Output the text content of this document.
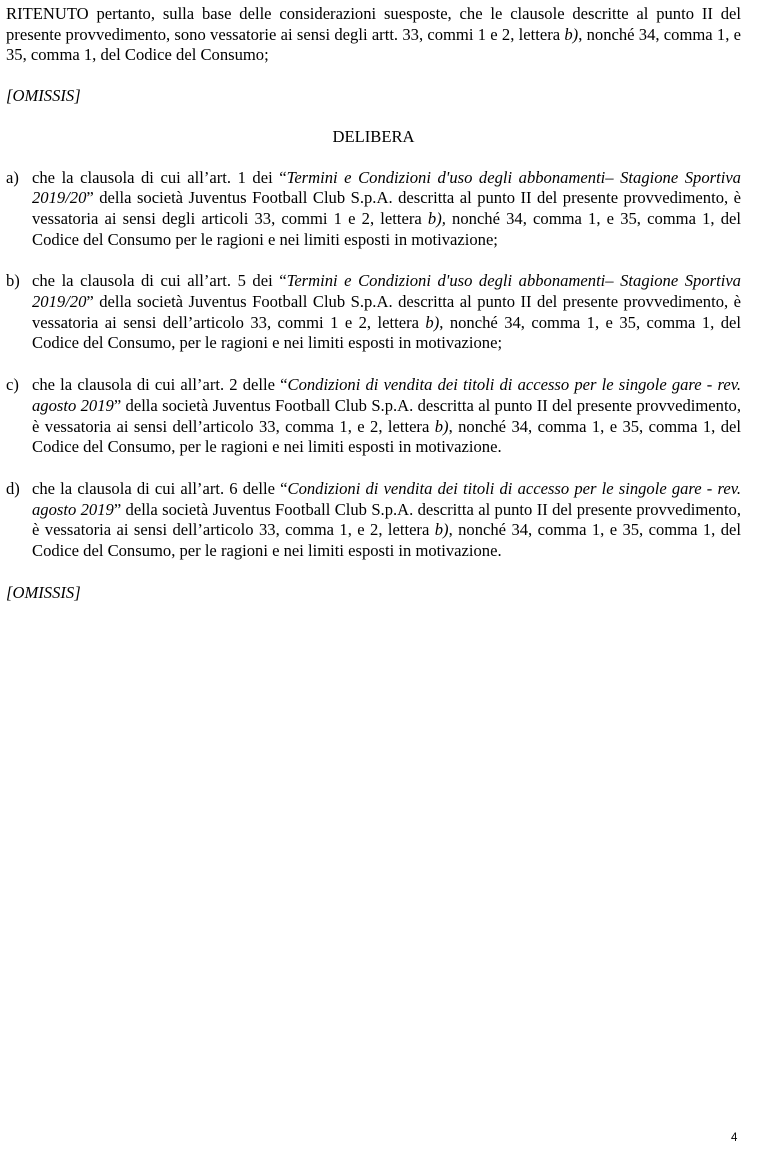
RITENUTO pertanto, sulla base delle considerazioni suesposte, che le clausole descritte al punto II del presente provvedimento, sono vessatorie ai sensi degli artt. 33, commi 1 e 2, lettera b), nonché 34, comma 1, e 35, comma 1, del Codice del Consumo;

[OMISSIS]

DELIBERA

a) che la clausola di cui all’art. 1 dei “Termini e Condizioni d'uso degli abbonamenti– Stagione Sportiva 2019/20” della società Juventus Football Club S.p.A. descritta al punto II del presente provvedimento, è vessatoria ai sensi degli articoli 33, commi 1 e 2, lettera b), nonché 34, comma 1, e 35, comma 1, del Codice del Consumo per le ragioni e nei limiti esposti in motivazione;
b) che la clausola di cui all’art. 5 dei “Termini e Condizioni d'uso degli abbonamenti– Stagione Sportiva 2019/20” della società Juventus Football Club S.p.A. descritta al punto II del presente provvedimento, è vessatoria ai sensi dell’articolo 33, commi 1 e 2, lettera b), nonché 34, comma 1, e 35, comma 1, del Codice del Consumo, per le ragioni e nei limiti esposti in motivazione;
c) che la clausola di cui all’art. 2 delle “Condizioni di vendita dei titoli di accesso per le singole gare - rev. agosto 2019” della società Juventus Football Club S.p.A. descritta al punto II del presente provvedimento, è vessatoria ai sensi dell’articolo 33, comma 1, e 2, lettera b), nonché 34, comma 1, e 35, comma 1, del Codice del Consumo, per le ragioni e nei limiti esposti in motivazione.
d) che la clausola di cui all’art. 6 delle “Condizioni di vendita dei titoli di accesso per le singole gare - rev. agosto 2019” della società Juventus Football Club S.p.A. descritta al punto II del presente provvedimento, è vessatoria ai sensi dell’articolo 33, comma 1, e 2, lettera b), nonché 34, comma 1, e 35, comma 1, del Codice del Consumo, per le ragioni e nei limiti esposti in motivazione.

[OMISSIS]

4
